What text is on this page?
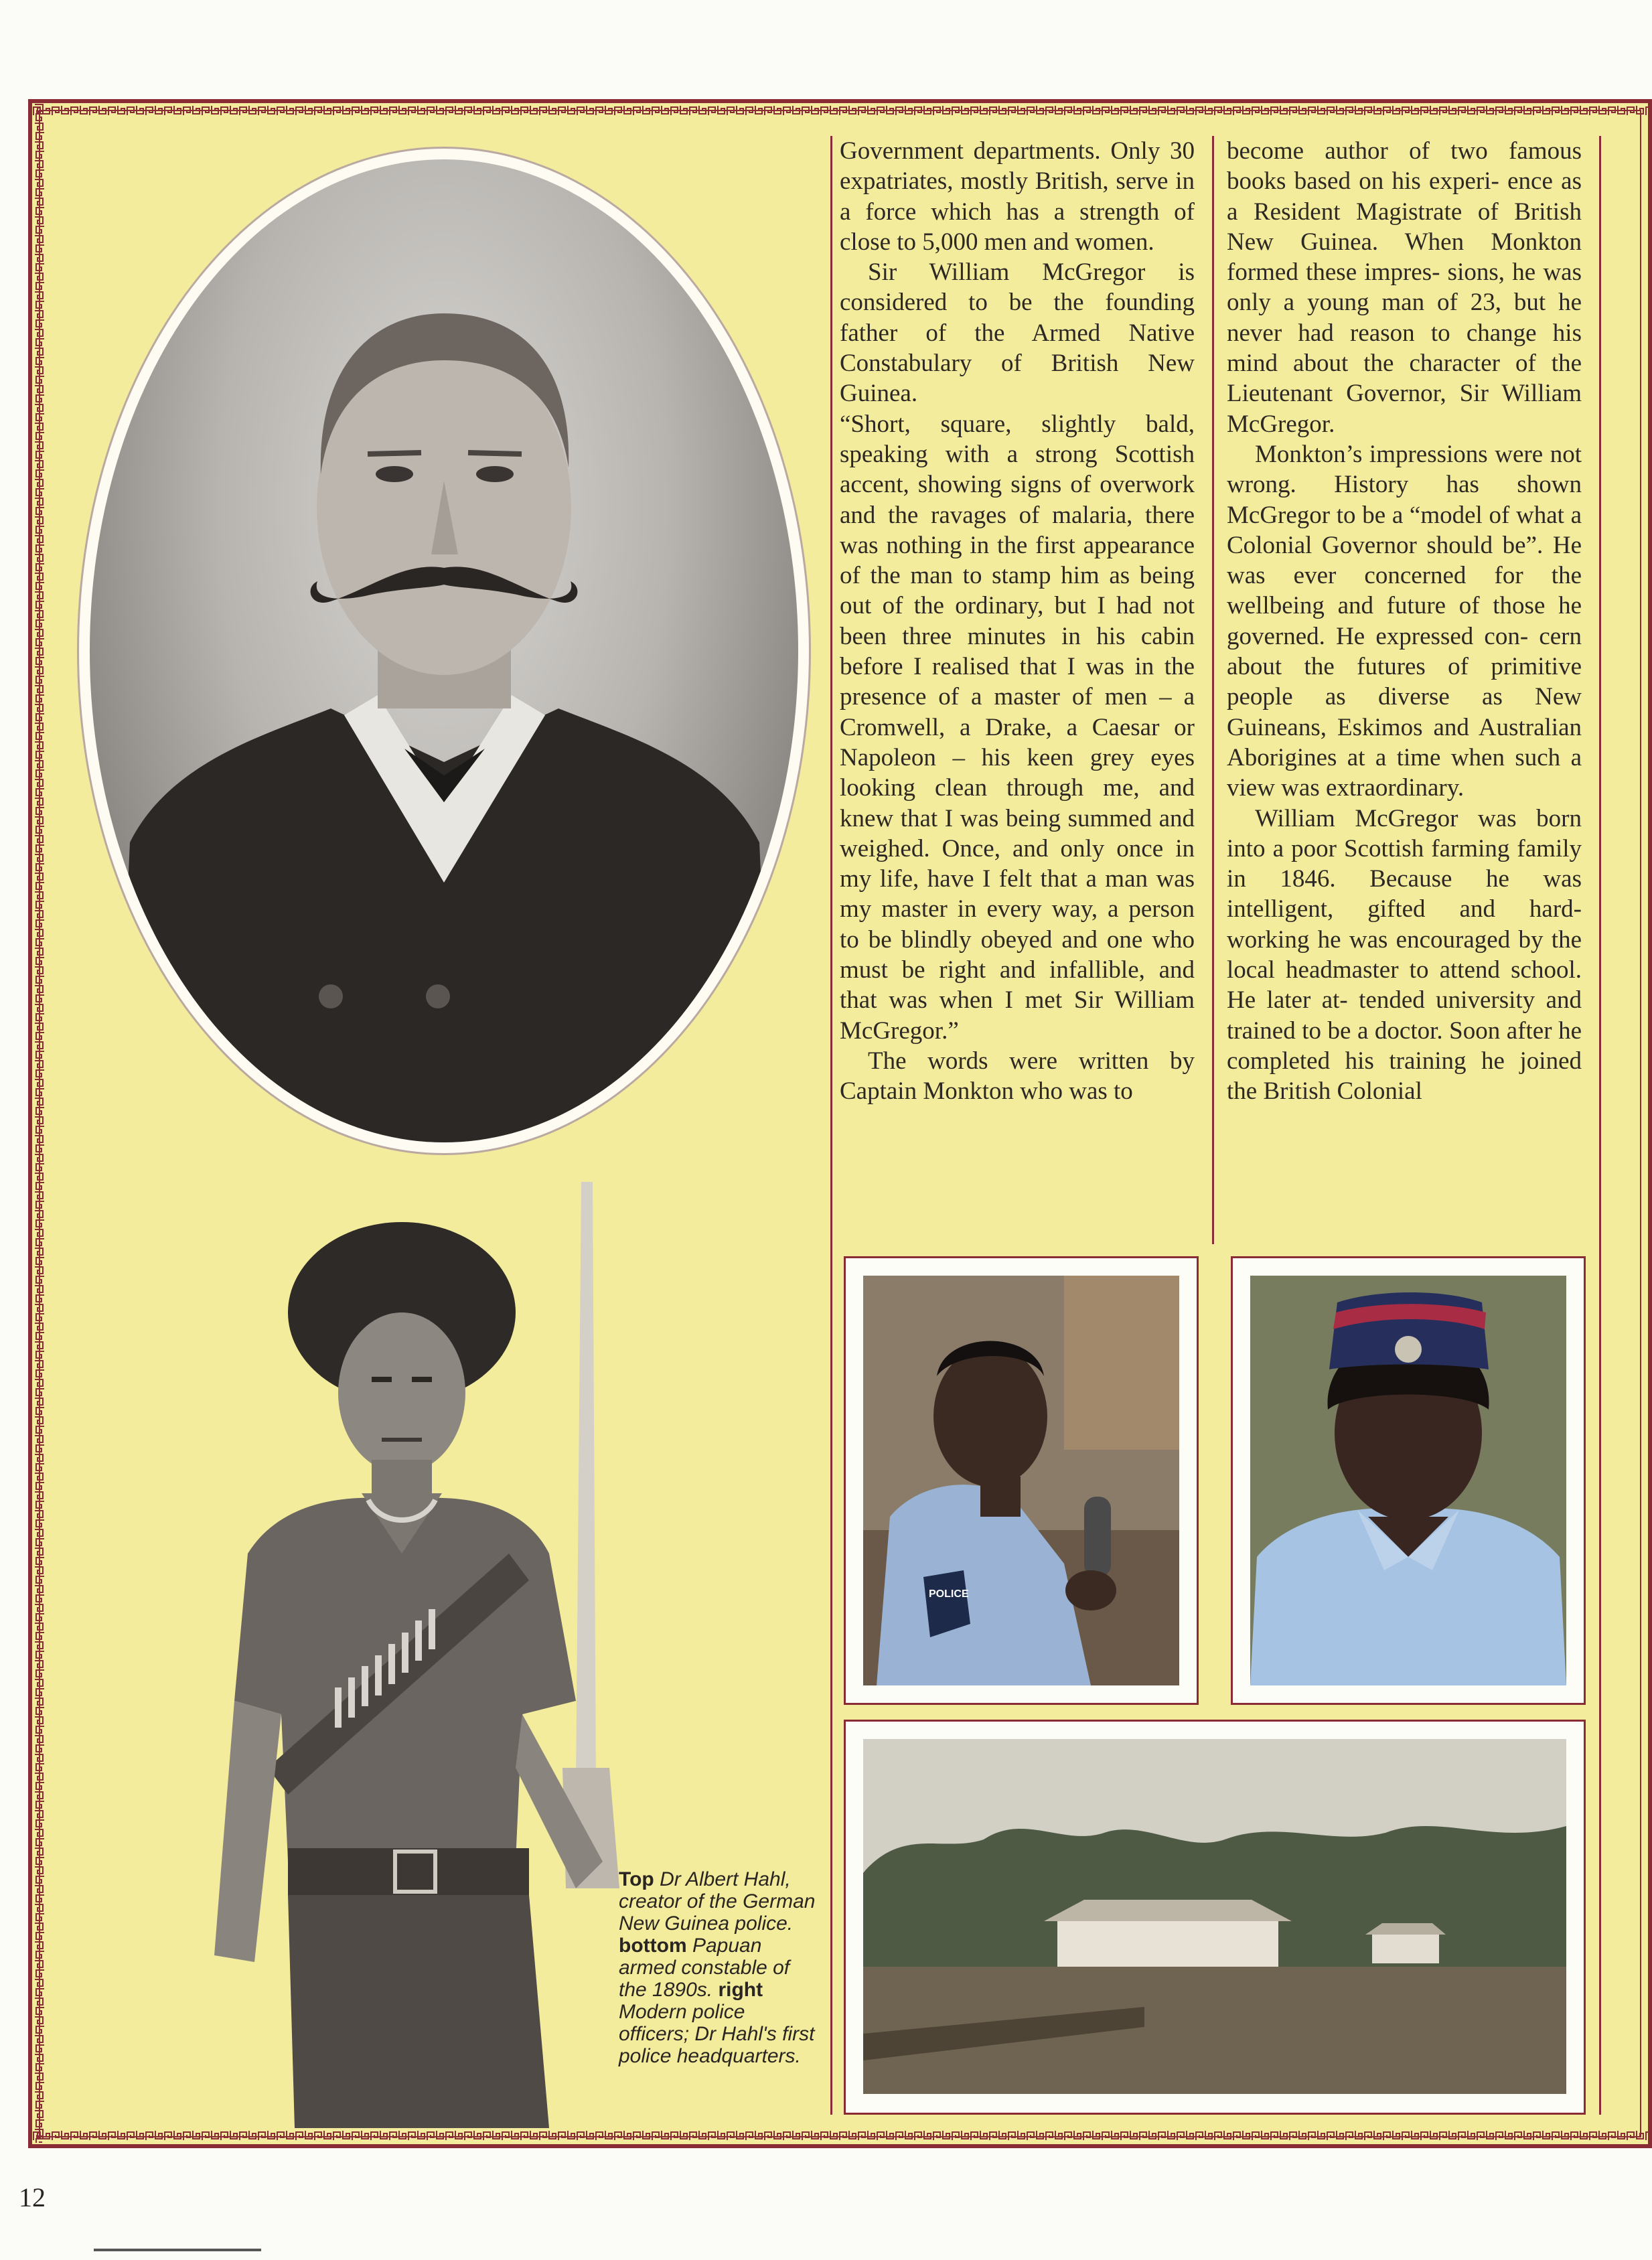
Government departments. Only 30 expatriates, mostly British, serve in a force which has a strength of close to 5,000 men and women.

Sir William McGregor is considered to be the founding father of the Armed Native Constabulary of British New Guinea.

“Short, square, slightly bald, speaking with a strong Scottish accent, showing signs of overwork and the ravages of malaria, there was nothing in the first appearance of the man to stamp him as being out of the ordinary, but I had not been three minutes in his cabin before I realised that I was in the presence of a master of men – a Cromwell, a Drake, a Caesar or Napoleon – his keen grey eyes looking clean through me, and knew that I was being summed and weighed. Once, and only once in my life, have I felt that a man was my master in every way, a person to be blindly obeyed and one who must be right and infallible, and that was when I met Sir William McGregor.”

The words were written by Captain Monkton who was to

become author of two famous books based on his experi- ence as a Resident Magistrate of British New Guinea. When Monkton formed these impres- sions, he was only a young man of 23, but he never had reason to change his mind about the character of the Lieutenant Governor, Sir William McGregor.

Monkton’s impressions were not wrong. History has shown McGregor to be a “model of what a Colonial Governor should be”. He was ever concerned for the wellbeing and future of those he governed. He expressed con- cern about the futures of primitive people as diverse as New Guineans, Eskimos and Australian Aborigines at a time when such a view was extraordinary.

William McGregor was born into a poor Scottish farming family in 1846. Because he was intelligent, gifted and hard- working he was encouraged by the local headmaster to attend school. He later at- tended university and trained to be a doctor. Soon after he completed his training he joined the British Colonial

POLICE
Top Dr Albert Hahl, creator of the German New Guinea police. bottom Papuan armed constable of the 1890s. right Modern police officers; Dr Hahl's first police headquarters.
12
